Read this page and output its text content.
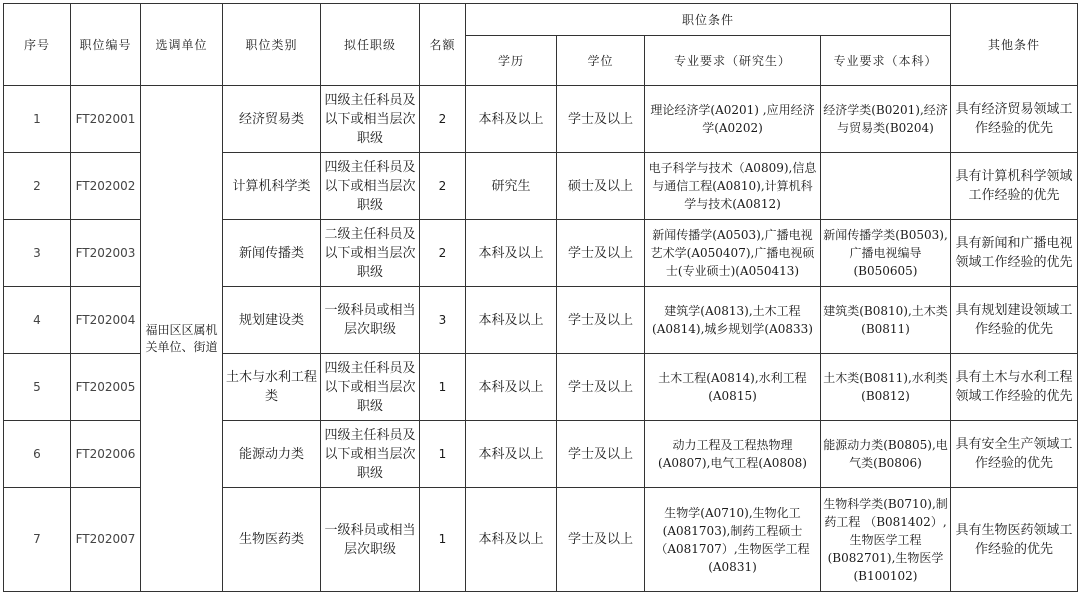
序号	职位编号	选调单位	职位类别	拟任职级	名额	职位条件				其他条件
						学历	学位	专业要求（研究生）	专业要求（本科）	
1	FT202001	福田区区属机关单位、街道	经济贸易类	四级主任科员及以下或相当层次职级	2	本科及以上	学士及以上	理论经济学(A0201) ,应用经济学(A0202)	经济学类(B0201),经济与贸易类(B0204)	具有经济贸易领域工作经验的优先
2	FT202002		计算机科学类	四级主任科员及以下或相当层次职级	2	研究生	硕士及以上	电子科学与技术（A0809),信息与通信工程(A0810),计算机科学与技术(A0812)		具有计算机科学领域工作经验的优先
3	FT202003		新闻传播类	二级主任科员及以下或相当层次职级	2	本科及以上	学士及以上	新闻传播学(A0503),广播电视艺术学(A050407),广播电视硕士(专业硕士)(A050413)	新闻传播学类(B0503),广播电视编导(B050605)	具有新闻和广播电视领域工作经验的优先
4	FT202004		规划建设类	一级科员或相当层次职级	3	本科及以上	学士及以上	建筑学(A0813),土木工程(A0814),城乡规划学(A0833)	建筑类(B0810),土木类(B0811)	具有规划建设领域工作经验的优先
5	FT202005		土木与水利工程类	四级主任科员及以下或相当层次职级	1	本科及以上	学士及以上	土木工程(A0814),水利工程(A0815)	土木类(B0811),水利类(B0812)	具有土木与水利工程领域工作经验的优先
6	FT202006		能源动力类	四级主任科员及以下或相当层次职级	1	本科及以上	学士及以上	动力工程及工程热物理(A0807),电气工程(A0808)	能源动力类(B0805),电气类(B0806)	具有安全生产领域工作经验的优先
7	FT202007		生物医药类	一级科员或相当层次职级	1	本科及以上	学士及以上	生物学(A0710),生物化工(A081703),制药工程硕士（A081707）,生物医学工程(A0831)	生物科学类(B0710),制药工程 （B081402）,生物医学工程(B082701),生物医学(B100102)	具有生物医药领域工作经验的优先
